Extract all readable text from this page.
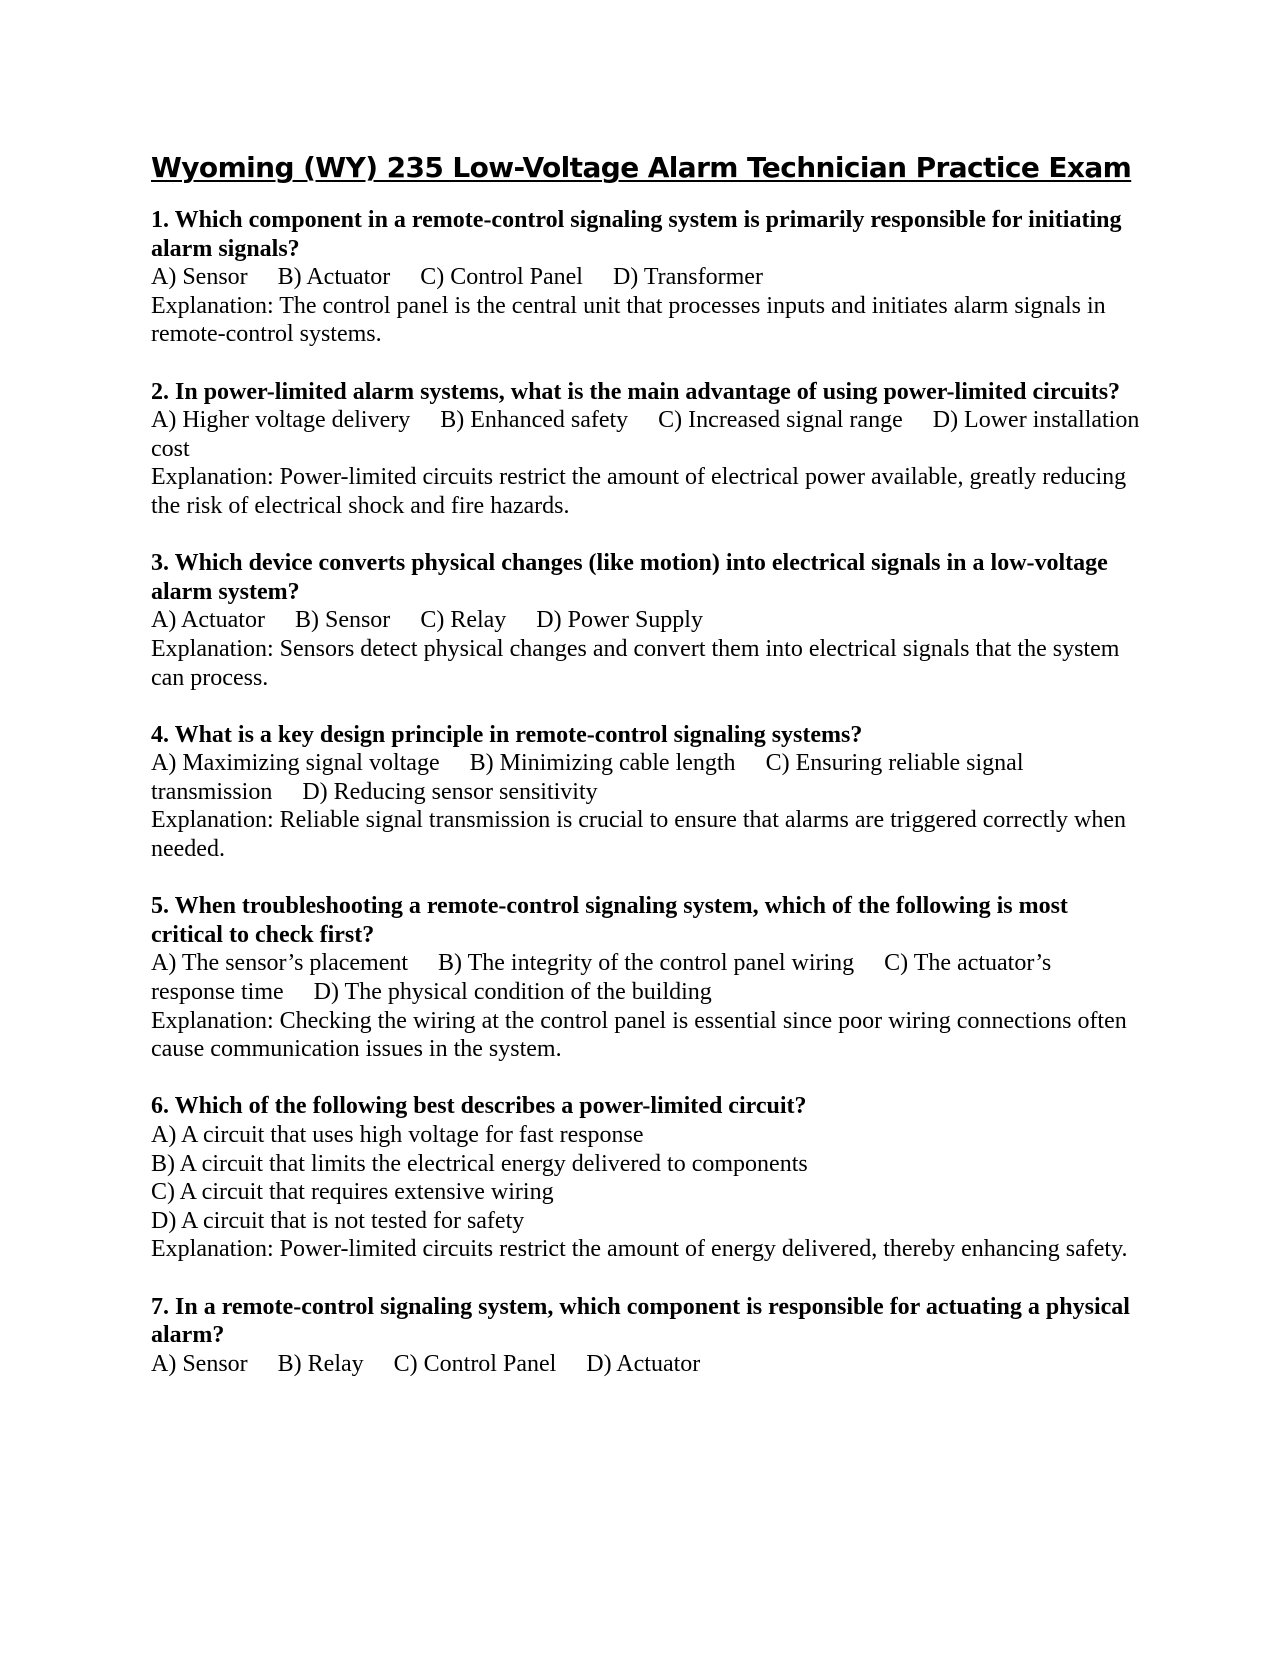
Wyoming (WY) 235 Low-Voltage Alarm Technician Practice Exam
1. Which component in a remote-control signaling system is primarily responsible for initiating alarm signals?
A) Sensor B) Actuator C) Control Panel D) Transformer
Explanation: The control panel is the central unit that processes inputs and initiates alarm signals in remote-control systems.
2. In power-limited alarm systems, what is the main advantage of using power-limited circuits?
A) Higher voltage delivery B) Enhanced safety C) Increased signal range D) Lower installation cost
Explanation: Power-limited circuits restrict the amount of electrical power available, greatly reducing the risk of electrical shock and fire hazards.
3. Which device converts physical changes (like motion) into electrical signals in a low-voltage alarm system?
A) Actuator B) Sensor C) Relay D) Power Supply
Explanation: Sensors detect physical changes and convert them into electrical signals that the system can process.
4. What is a key design principle in remote-control signaling systems?
A) Maximizing signal voltage B) Minimizing cable length C) Ensuring reliable signal transmission D) Reducing sensor sensitivity
Explanation: Reliable signal transmission is crucial to ensure that alarms are triggered correctly when needed.
5. When troubleshooting a remote-control signaling system, which of the following is most critical to check first?
A) The sensor’s placement B) The integrity of the control panel wiring C) The actuator’s response time D) The physical condition of the building
Explanation: Checking the wiring at the control panel is essential since poor wiring connections often cause communication issues in the system.
6. Which of the following best describes a power-limited circuit?
A) A circuit that uses high voltage for fast response
B) A circuit that limits the electrical energy delivered to components
C) A circuit that requires extensive wiring
D) A circuit that is not tested for safety
Explanation: Power-limited circuits restrict the amount of energy delivered, thereby enhancing safety.
7. In a remote-control signaling system, which component is responsible for actuating a physical alarm?
A) Sensor B) Relay C) Control Panel D) Actuator
